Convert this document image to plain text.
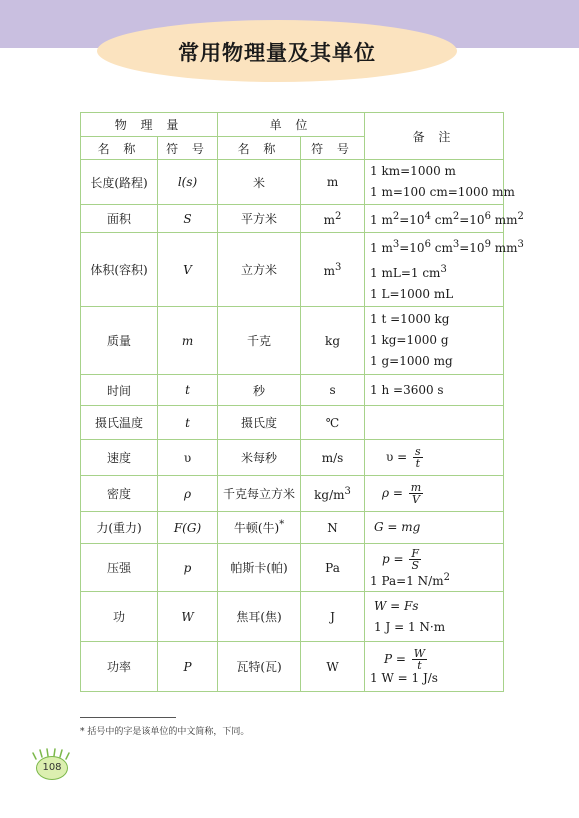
常用物理量及其单位
物 理 量		单 位		备 注
名 称	符 号	名 称	符 号	
长度(路程)	l(s)	米	m	1 km=1000 m
1 m=100 cm=1000 mm

面积	S	平方米	$m^2$	1 $m^2=10^4$ $cm^2=10^6$ $mm^2$

体积(容积)	V	立方米	$m^3$	1 $m^3=10^6$ $cm^3=10^9$ $mm^3$
1 mL=1 $cm^3$
1 L=1000 mL

质量	m	千克	kg	1 t =1000 kg
1 kg=1000 g
1 g=1000 mg

时间	t	秒	s	1 h =3600 s

摄氏温度	t	摄氏度	℃	
速度	υ	米每秒	m/s	$\upsilon = \frac{s}{t}$

密度	ρ	千克每立方米	$kg/m^3$	$\rho = \frac{m}{V}$

力(重力)	F(G)	牛顿(牛)*	N	G = mg

压强	p	帕斯卡(帕)	Pa	$p = \frac{F}{S}$
1 Pa=1 $N/m^2$

功	W	焦耳(焦)	J	W = Fs
1 J = 1 N·m

功率	P	瓦特(瓦)	W	$P = \frac{W}{t}$
1 W = 1 J/s
* 括号中的字是该单位的中文简称，下同。
108
